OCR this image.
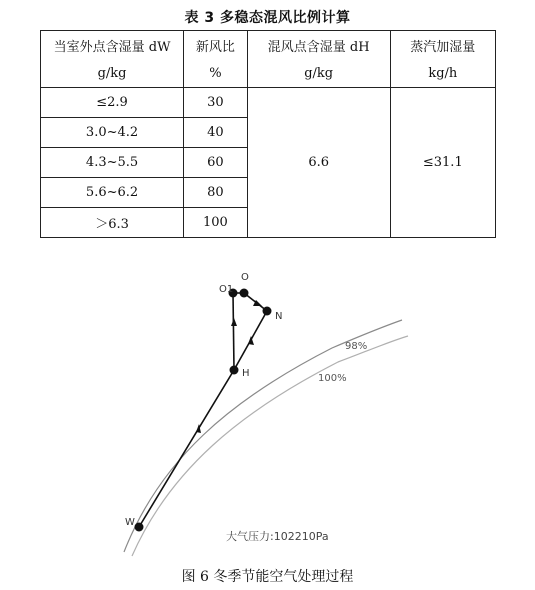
表 3 多稳态混风比例计算
当室外点含湿量 dW	新风比	混风点含湿量 dH	蒸汽加湿量
g/kg	%	g/kg	kg/h
≤2.9	30	6.6	≤31.1
3.0~4.2	40		
4.3~5.5	60		
5.6~6.2	80		
＞6.3	100		
O1
O
N
H
W
98%
100%
大气压力:102210Pa
图 6 冬季节能空气处理过程
